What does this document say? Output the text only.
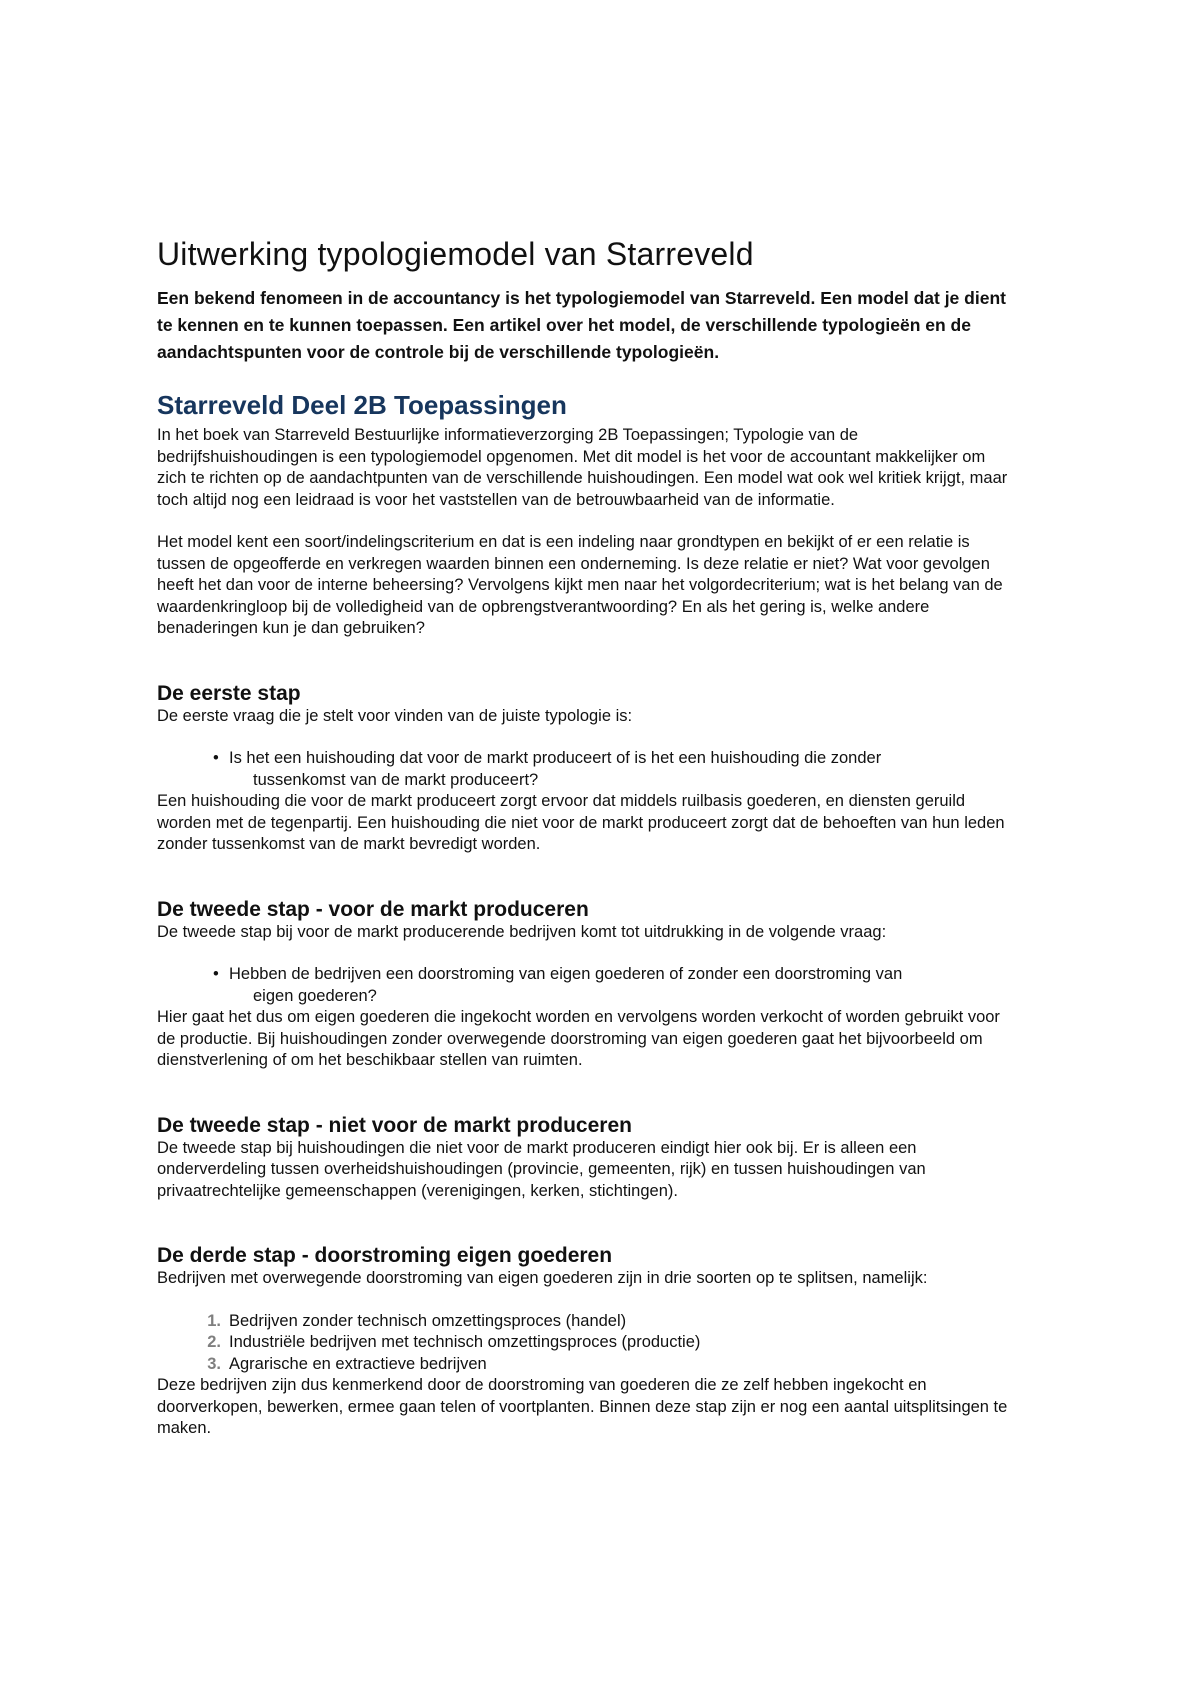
Uitwerking typologiemodel van Starreveld

Een bekend fenomeen in de accountancy is het typologiemodel van Starreveld. Een model dat je dient te kennen en te kunnen toepassen. Een artikel over het model, de verschillende typologieën en de aandachtspunten voor de controle bij de verschillende typologieën.

Starreveld Deel 2B Toepassingen

In het boek van Starreveld Bestuurlijke informatieverzorging 2B Toepassingen; Typologie van de bedrijfshuishoudingen is een typologiemodel opgenomen. Met dit model is het voor de accountant makkelijker om zich te richten op de aandachtpunten van de verschillende huishoudingen. Een model wat ook wel kritiek krijgt, maar toch altijd nog een leidraad is voor het vaststellen van de betrouwbaarheid van de informatie.

Het model kent een soort/indelingscriterium en dat is een indeling naar grondtypen en bekijkt of er een relatie is tussen de opgeofferde en verkregen waarden binnen een onderneming. Is deze relatie er niet? Wat voor gevolgen heeft het dan voor de interne beheersing? Vervolgens kijkt men naar het volgordecriterium; wat is het belang van de waardenkringloop bij de volledigheid van de opbrengstverantwoording? En als het gering is, welke andere benaderingen kun je dan gebruiken?

De eerste stap

De eerste vraag die je stelt voor vinden van de juiste typologie is:

• Is het een huishouding dat voor de markt produceert of is het een huishouding die zonder
tussenkomst van de markt produceert?

Een huishouding die voor de markt produceert zorgt ervoor dat middels ruilbasis goederen, en diensten geruild worden met de tegenpartij. Een huishouding die niet voor de markt produceert zorgt dat de behoeften van hun leden zonder tussenkomst van de markt bevredigt worden.

De tweede stap - voor de markt produceren

De tweede stap bij voor de markt producerende bedrijven komt tot uitdrukking in de volgende vraag:

• Hebben de bedrijven een doorstroming van eigen goederen of zonder een doorstroming van
eigen goederen?

Hier gaat het dus om eigen goederen die ingekocht worden en vervolgens worden verkocht of worden gebruikt voor de productie. Bij huishoudingen zonder overwegende doorstroming van eigen goederen gaat het bijvoorbeeld om dienstverlening of om het beschikbaar stellen van ruimten.

De tweede stap - niet voor de markt produceren

De tweede stap bij huishoudingen die niet voor de markt produceren eindigt hier ook bij. Er is alleen een onderverdeling tussen overheidshuishoudingen (provincie, gemeenten, rijk) en tussen huishoudingen van privaatrechtelijke gemeenschappen (verenigingen, kerken, stichtingen).

De derde stap - doorstroming eigen goederen

Bedrijven met overwegende doorstroming van eigen goederen zijn in drie soorten op te splitsen, namelijk:

1. Bedrijven zonder technisch omzettingsproces (handel)
2. Industriële bedrijven met technisch omzettingsproces (productie)
3. Agrarische en extractieve bedrijven

Deze bedrijven zijn dus kenmerkend door de doorstroming van goederen die ze zelf hebben ingekocht en doorverkopen, bewerken, ermee gaan telen of voortplanten. Binnen deze stap zijn er nog een aantal uitsplitsingen te maken.
